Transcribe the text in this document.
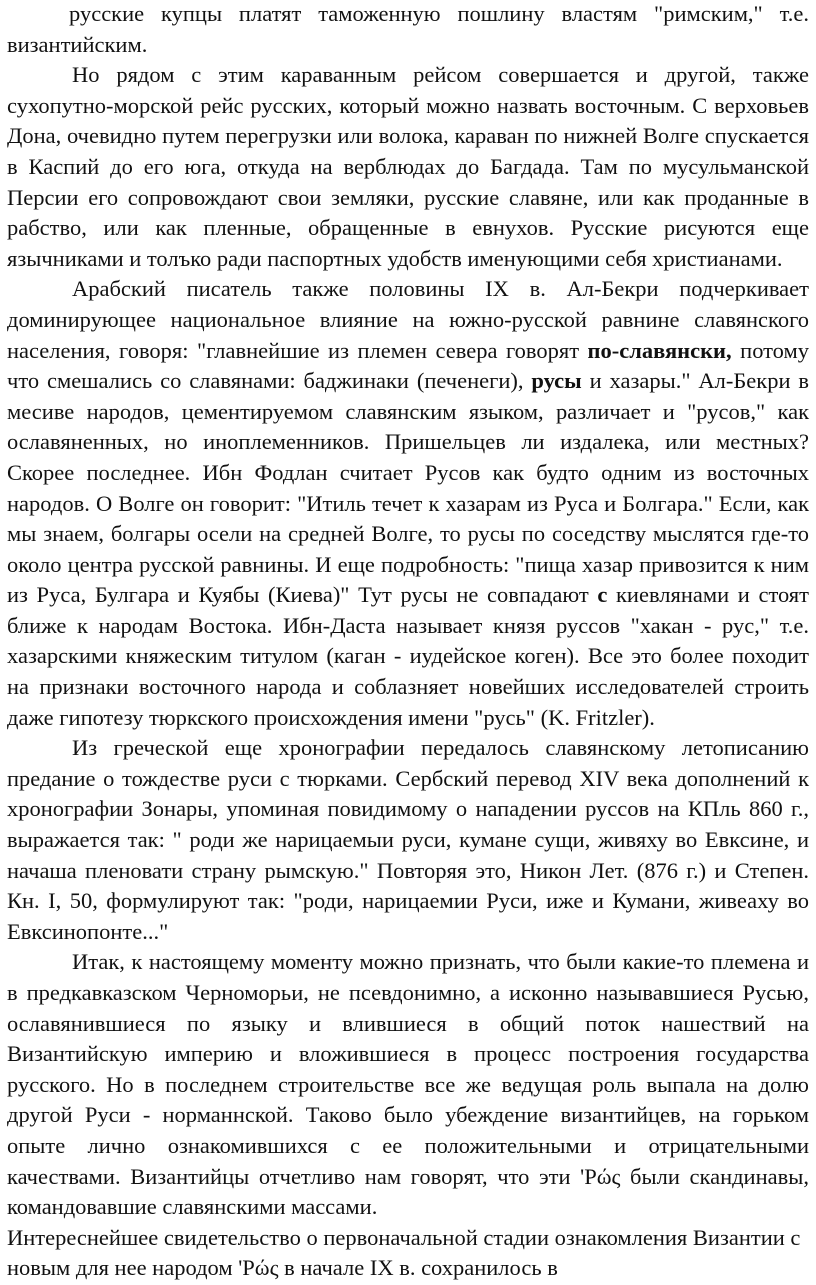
русские купцы платят таможенную пошлину властям "римским," т.е. византийским.

Но рядом с этим караванным рейсом совершается и другой, также сухопутно-морской рейс русских, который можно назвать восточным. С верховьев Дона, очевидно путем перегрузки или волока, караван по нижней Волге спускается в Каспий до его юга, откуда на верблюдах до Багдада. Там по мусульманской Персии его сопровождают свои земляки, русские славяне, или как проданные в рабство, или как пленные, обращенные в евнухов. Русские рисуются еще язычниками и толъко ради паспортных удобств именующими себя христианами.

Арабский писатель также половины IX в. Ал-Бекри подчеркивает доминирующее национальное влияние на южно-русской равнине славянского населения, говоря: "главнейшие из племен севера говорят по-славянски, потому что смешались со славянами: баджинаки (печенеги), русы и хазары." Ал-Бекри в месиве народов, цементируемом славянским языком, различает и "русов," как ославяненных, но иноплеменников. Пришельцев ли издалека, или местных? Скорее последнее. Ибн Фодлан считает Русов как будто одним из восточных народов. О Волге он говорит: "Итиль течет к хазарам из Руса и Болгара." Если, как мы знаем, болгары осели на средней Волге, то русы по соседству мыслятся где-то около центра русской равнины. И еще подробность: "пища хазар привозится к ним из Руса, Булгара и Куябы (Киева)" Тут русы не совпадают с киевлянами и стоят ближе к народам Востока. Ибн-Даста называет князя руссов "хакан - рус," т.е. хазарскими княжеским титулом (каган - иудейское коген). Все это более походит на признаки восточного народа и соблазняет новейших исследователей строить даже гипотезу тюркского происхождения имени "русь" (K. Fritzler).

Из греческой еще хронографии передалось славянскому летописанию предание о тождестве руси с тюрками. Сербский перевод XIV века дополнений к хронографии Зонары, упоминая повидимому о нападении руссов на КПль 860 г., выражается так: " роди же нарицаемыи руси, кумане сущи, живяху во Евксине, и начаша пленовати страну рымскую." Повторяя это, Никон Лет. (876 г.) и Степен. Кн. I, 50, формулируют так: "роди, нарицаемии Руси, иже и Кумани, живеаху во Евксинопонте..."

Итак, к настоящему моменту можно признать, что были какие-то племена и в предкавказском Черноморьи, не псевдонимно, а исконно называвшиеся Русью, ославянившиеся по языку и влившиеся в общий поток нашествий на Византийскую империю и вложившиеся в процесс построения государства русского. Но в последнем строительстве все же ведущая роль выпала на долю другой Руси - норманнской. Таково было убеждение византийцев, на горьком опыте лично ознакомившихся с ее положительными и отрицательными качествами. Византийцы отчетливо нам говорят, что эти 'Ρώς были скандинавы, командовавшие славянскими массами.

Интереснейшее свидетельство о первоначальной стадии ознакомления Византии с новым для нее народом 'Ρώς в начале IX в. сохранилось в
